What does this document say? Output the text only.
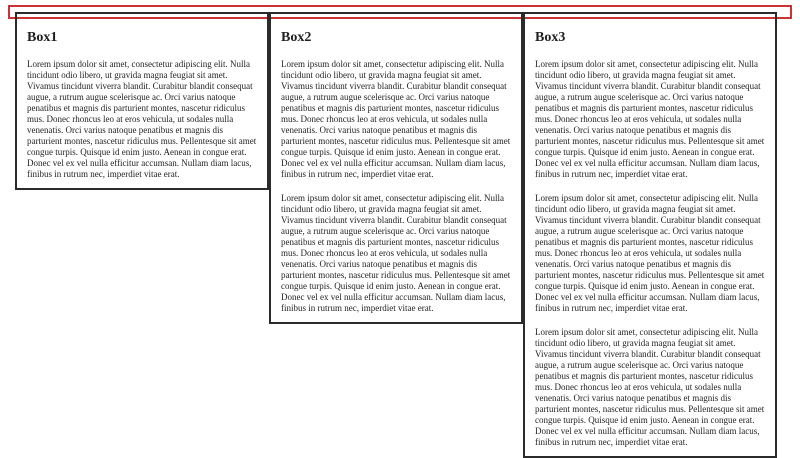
Box1

Lorem ipsum dolor sit amet, consectetur adipiscing elit. Nulla tincidunt odio libero, ut gravida magna feugiat sit amet. Vivamus tincidunt viverra blandit. Curabitur blandit consequat augue, a rutrum augue scelerisque ac. Orci varius natoque penatibus et magnis dis parturient montes, nascetur ridiculus mus. Donec rhoncus leo at eros vehicula, ut sodales nulla venenatis. Orci varius natoque penatibus et magnis dis parturient montes, nascetur ridiculus mus. Pellentesque sit amet congue turpis. Quisque id enim justo. Aenean in congue erat. Donec vel ex vel nulla efficitur accumsan. Nullam diam lacus, finibus in rutrum nec, imperdiet vitae erat.

Box2

Lorem ipsum dolor sit amet, consectetur adipiscing elit. Nulla tincidunt odio libero, ut gravida magna feugiat sit amet. Vivamus tincidunt viverra blandit. Curabitur blandit consequat augue, a rutrum augue scelerisque ac. Orci varius natoque penatibus et magnis dis parturient montes, nascetur ridiculus mus. Donec rhoncus leo at eros vehicula, ut sodales nulla venenatis. Orci varius natoque penatibus et magnis dis parturient montes, nascetur ridiculus mus. Pellentesque sit amet congue turpis. Quisque id enim justo. Aenean in congue erat. Donec vel ex vel nulla efficitur accumsan. Nullam diam lacus, finibus in rutrum nec, imperdiet vitae erat.

Lorem ipsum dolor sit amet, consectetur adipiscing elit. Nulla tincidunt odio libero, ut gravida magna feugiat sit amet. Vivamus tincidunt viverra blandit. Curabitur blandit consequat augue, a rutrum augue scelerisque ac. Orci varius natoque penatibus et magnis dis parturient montes, nascetur ridiculus mus. Donec rhoncus leo at eros vehicula, ut sodales nulla venenatis. Orci varius natoque penatibus et magnis dis parturient montes, nascetur ridiculus mus. Pellentesque sit amet congue turpis. Quisque id enim justo. Aenean in congue erat. Donec vel ex vel nulla efficitur accumsan. Nullam diam lacus, finibus in rutrum nec, imperdiet vitae erat.

Box3

Lorem ipsum dolor sit amet, consectetur adipiscing elit. Nulla tincidunt odio libero, ut gravida magna feugiat sit amet. Vivamus tincidunt viverra blandit. Curabitur blandit consequat augue, a rutrum augue scelerisque ac. Orci varius natoque penatibus et magnis dis parturient montes, nascetur ridiculus mus. Donec rhoncus leo at eros vehicula, ut sodales nulla venenatis. Orci varius natoque penatibus et magnis dis parturient montes, nascetur ridiculus mus. Pellentesque sit amet congue turpis. Quisque id enim justo. Aenean in congue erat. Donec vel ex vel nulla efficitur accumsan. Nullam diam lacus, finibus in rutrum nec, imperdiet vitae erat.

Lorem ipsum dolor sit amet, consectetur adipiscing elit. Nulla tincidunt odio libero, ut gravida magna feugiat sit amet. Vivamus tincidunt viverra blandit. Curabitur blandit consequat augue, a rutrum augue scelerisque ac. Orci varius natoque penatibus et magnis dis parturient montes, nascetur ridiculus mus. Donec rhoncus leo at eros vehicula, ut sodales nulla venenatis. Orci varius natoque penatibus et magnis dis parturient montes, nascetur ridiculus mus. Pellentesque sit amet congue turpis. Quisque id enim justo. Aenean in congue erat. Donec vel ex vel nulla efficitur accumsan. Nullam diam lacus, finibus in rutrum nec, imperdiet vitae erat.

Lorem ipsum dolor sit amet, consectetur adipiscing elit. Nulla tincidunt odio libero, ut gravida magna feugiat sit amet. Vivamus tincidunt viverra blandit. Curabitur blandit consequat augue, a rutrum augue scelerisque ac. Orci varius natoque penatibus et magnis dis parturient montes, nascetur ridiculus mus. Donec rhoncus leo at eros vehicula, ut sodales nulla venenatis. Orci varius natoque penatibus et magnis dis parturient montes, nascetur ridiculus mus. Pellentesque sit amet congue turpis. Quisque id enim justo. Aenean in congue erat. Donec vel ex vel nulla efficitur accumsan. Nullam diam lacus, finibus in rutrum nec, imperdiet vitae erat.
